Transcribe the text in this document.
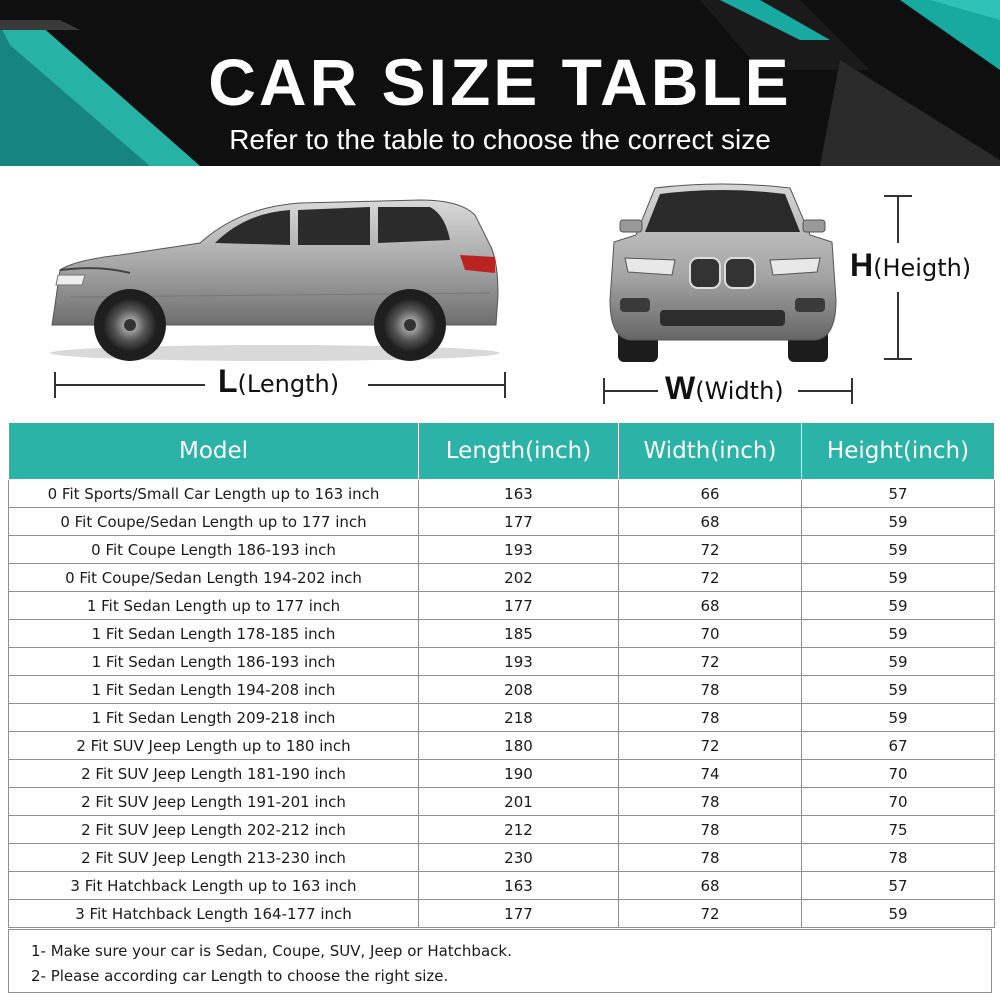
CAR SIZE TABLE
Refer to the table to choose the correct size
L(Length)	W(Width)
H(Heigth)
Model	Length(inch)	Width(inch)	Height(inch)
0 Fit Sports/Small Car Length up to 163 inch	163	66	57
0 Fit Coupe/Sedan Length up to 177 inch	177	68	59
0 Fit Coupe Length 186-193 inch	193	72	59
0 Fit Coupe/Sedan Length 194-202 inch	202	72	59
1 Fit Sedan Length up to 177 inch	177	68	59
1 Fit Sedan Length 178-185 inch	185	70	59
1 Fit Sedan Length 186-193 inch	193	72	59
1 Fit Sedan Length 194-208 inch	208	78	59
1 Fit Sedan Length 209-218 inch	218	78	59
2 Fit SUV Jeep Length up to 180 inch	180	72	67
2 Fit SUV Jeep Length 181-190 inch	190	74	70
2 Fit SUV Jeep Length 191-201 inch	201	78	70
2 Fit SUV Jeep Length 202-212 inch	212	78	75
2 Fit SUV Jeep Length 213-230 inch	230	78	78
3 Fit Hatchback Length up to 163 inch	163	68	57
3 Fit Hatchback Length 164-177 inch	177	72	59
1- Make sure your car is Sedan, Coupe, SUV, Jeep or Hatchback.
2- Please according car Length to choose the right size.
